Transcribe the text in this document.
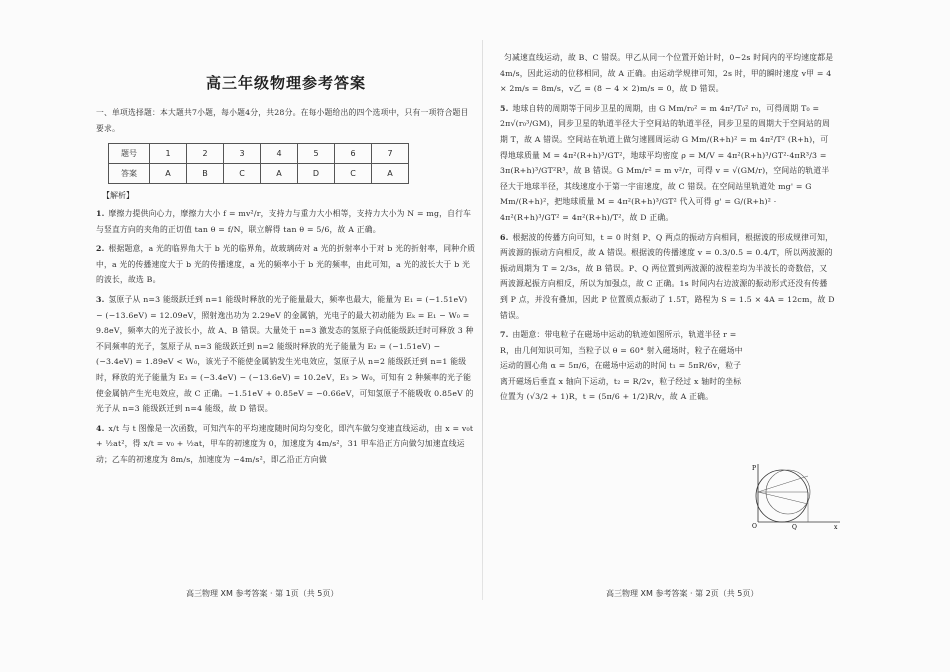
高三年级物理参考答案
一、单项选择题：本大题共7小题，每小题4分，共28分。在每小题给出的四个选项中，只有一项符合题目要求。
题号	1	2	3	4	5	6	7
答案	A	B	C	A	D	C	A
【解析】
1. 摩擦力提供向心力，摩擦力大小 f = mv²/r，支持力与重力大小相等，支持力大小为 N = mg，自行车与竖直方向的夹角的正切值 tan θ = f/N，联立解得 tan θ = 5/6，故 A 正确。
2. 根据题意，a 光的临界角大于 b 光的临界角，故玻璃砖对 a 光的折射率小于对 b 光的折射率，同种介质中，a 光的传播速度大于 b 光的传播速度，a 光的频率小于 b 光的频率，由此可知，a 光的波长大于 b 光的波长，故选 B。
3. 氢原子从 n=3 能级跃迁到 n=1 能级时释放的光子能量最大，频率也最大，能量为 E₁ = (−1.51eV) − (−13.6eV) = 12.09eV，照射逸出功为 2.29eV 的金属钠，光电子的最大初动能为 Eₖ = E₁ − W₀ = 9.8eV，频率大的光子波长小，故 A、B 错误。大量处于 n=3 激发态的氢原子向低能级跃迁时可释放 3 种不同频率的光子，氢原子从 n=3 能级跃迁到 n=2 能级时释放的光子能量为 E₂ = (−1.51eV) − (−3.4eV) = 1.89eV < W₀，该光子不能使金属钠发生光电效应，氢原子从 n=2 能级跃迁到 n=1 能级时，释放的光子能量为 E₃ = (−3.4eV) − (−13.6eV) = 10.2eV，E₃ > W₀，可知有 2 种频率的光子能使金属钠产生光电效应，故 C 正确。−1.51eV + 0.85eV = −0.66eV，可知氢原子不能吸收 0.85eV 的光子从 n=3 能级跃迁到 n=4 能级，故 D 错误。
4. x/t 与 t 图像是一次函数，可知汽车的平均速度随时间均匀变化，即汽车做匀变速直线运动，由 x = v₀t + ½at²，得 x/t = v₀ + ½at，甲车的初速度为 0，加速度为 4m/s²，31 甲车沿正方向做匀加速直线运动；乙车的初速度为 8m/s，加速度为 −4m/s²，即乙沿正方向做
匀减速直线运动，故 B、C 错误。甲乙从同一个位置开始计时，0~2s 时间内的平均速度都是 4m/s，因此运动的位移相同，故 A 正确。由运动学规律可知，2s 时，甲的瞬时速度 v甲 = 4 × 2m/s = 8m/s，v乙 = (8 − 4 × 2)m/s = 0，故 D 错误。
5. 地球自转的周期等于同步卫星的周期，由 G Mm/r₀² = m 4π²/T₀² r₀，可得周期 T₀ = 2π√(r₀³/GM)，同步卫星的轨道半径大于空间站的轨道半径，同步卫星的周期大于空间站的周期 T，故 A 错误。空间站在轨道上做匀速圆周运动 G Mm/(R+h)² = m 4π²/T² (R+h)，可得地球质量 M = 4π²(R+h)³/GT²，地球平均密度 ρ = M/V = 4π²(R+h)³/GT²·4πR³/3 = 3π(R+h)³/GT²R³，故 B 错误。G Mm/r² = m v²/r，可得 v = √(GM/r)，空间站的轨道半径大于地球半径，其线速度小于第一宇宙速度，故 C 错误。在空间站里轨道处 mg' = G Mm/(R+h)²，把地球质量 M = 4π²(R+h)³/GT² 代入可得 g' = G/(R+h)² · 4π²(R+h)³/GT² = 4π²(R+h)/T²，故 D 正确。
6. 根据波的传播方向可知，t = 0 时刻 P、Q 两点的振动方向相同，根据波的形成规律可知，两波源的振动方向相反，故 A 错误。根据波的传播速度 v = 0.3/0.5 = 0.4/T，所以两波源的振动周期为 T = 2/3s，故 B 错误。P、Q 两位置到两波源的波程差均为半波长的奇数倍，又两波源起振方向相反，所以为加强点，故 C 正确。1s 时间内右边波源的振动形式还没有传播到 P 点，并没有叠加，因此 P 位置质点振动了 1.5T，路程为 S = 1.5 × 4A = 12cm，故 D 错误。
7. 由题意：带电粒子在磁场中运动的轨迹如图所示，轨道半径 r = R，由几何知识可知，当粒子以 θ = 60° 射入磁场时，粒子在磁场中运动的圆心角 α = 5π/6，在磁场中运动的时间 t₁ = 5πR/6v，粒子离开磁场后垂直 x 轴向下运动，t₂ = R/2v，粒子经过 x 轴时的坐标位置为 (√3/2 + 1)R，t = (5π/6 + 1/2)R/v，故 A 正确。
P
O	Q	x
高三物理 XM 参考答案 · 第 1页（共 5页）	高三物理 XM 参考答案 · 第 2页（共 5页）
